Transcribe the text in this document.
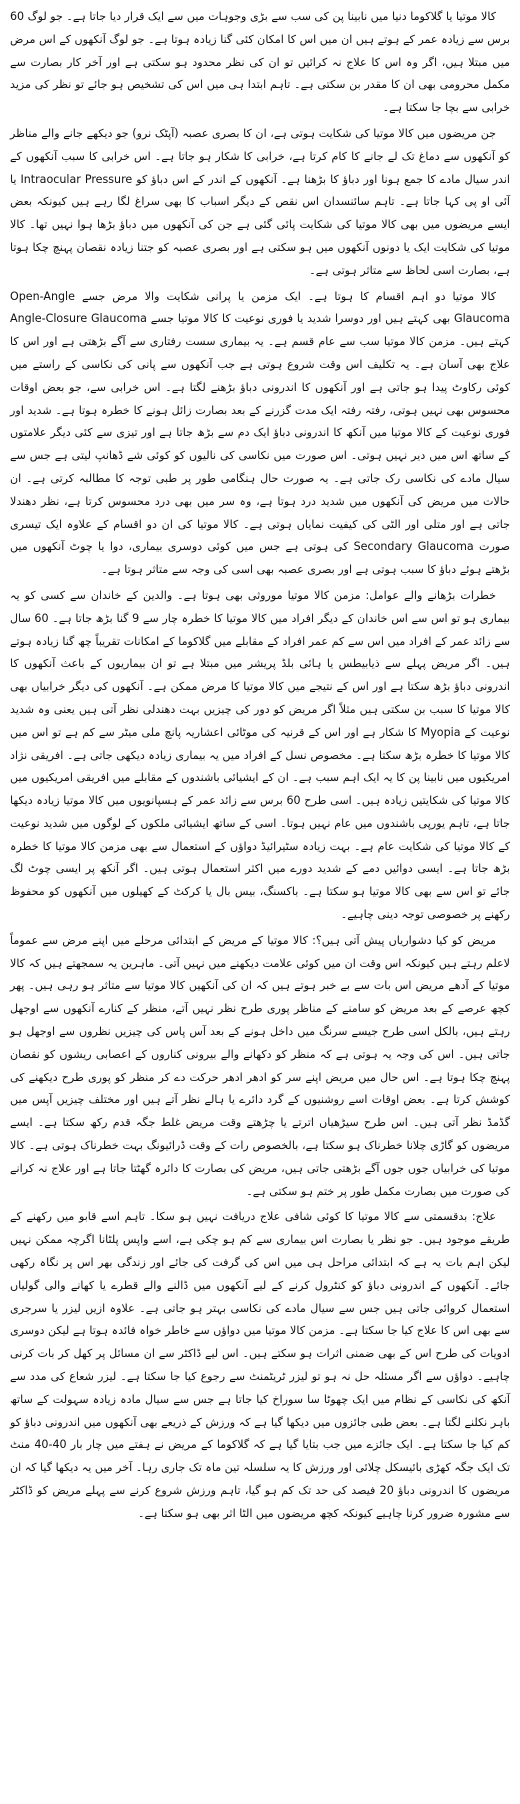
کالا موتیا یا گلاکوما دنیا میں نابینا پن کی سب سے بڑی وجوہات میں سے ایک قرار دیا جاتا ہے۔ جو لوگ 60 برس سے زیادہ عمر کے ہوتے ہیں ان میں اس کا امکان کئی گنا زیادہ ہوتا ہے۔ جو لوگ آنکھوں کے اس مرض میں مبتلا ہیں، اگر وہ اس کا علاج نہ کرائیں تو ان کی نظر محدود ہو سکتی ہے اور آخر کار بصارت سے مکمل محرومی بھی ان کا مقدر بن سکتی ہے۔ تاہم ابتدا ہی میں اس کی تشخیص ہو جائے تو نظر کی مزید خرابی سے بچا جا سکتا ہے۔

جن مریضوں میں کالا موتیا کی شکایت ہوتی ہے، ان کا بصری عصبہ (آپٹک نرو) جو دیکھے جانے والے مناظر کو آنکھوں سے دماغ تک لے جانے کا کام کرتا ہے، خرابی کا شکار ہو جاتا ہے۔ اس خرابی کا سبب آنکھوں کے اندر سیال مادے کا جمع ہونا اور دباؤ کا بڑھنا ہے۔ آنکھوں کے اندر کے اس دباؤ کو Intraocular Pressure یا آئی او پی کہا جاتا ہے۔ تاہم سائنسدان اس نقص کے دیگر اسباب کا بھی سراغ لگا رہے ہیں کیونکہ بعض ایسے مریضوں میں بھی کالا موتیا کی شکایت پائی گئی ہے جن کی آنکھوں میں دباؤ بڑھا ہوا نہیں تھا۔ کالا موتیا کی شکایت ایک یا دونوں آنکھوں میں ہو سکتی ہے اور بصری عصبہ کو جتنا زیادہ نقصان پہنچ چکا ہوتا ہے، بصارت اسی لحاظ سے متاثر ہوتی ہے۔

کالا موتیا دو اہم اقسام کا ہوتا ہے۔ ایک مزمن یا پرانی شکایت والا مرض جسے Open-Angle Glaucoma بھی کہتے ہیں اور دوسرا شدید یا فوری نوعیت کا کالا موتیا جسے Angle-Closure Glaucoma کہتے ہیں۔ مزمن کالا موتیا سب سے عام قسم ہے۔ یہ بیماری سست رفتاری سے آگے بڑھتی ہے اور اس کا علاج بھی آسان ہے۔ یہ تکلیف اس وقت شروع ہوتی ہے جب آنکھوں سے پانی کی نکاسی کے راستے میں کوئی رکاوٹ پیدا ہو جاتی ہے اور آنکھوں کا اندرونی دباؤ بڑھنے لگتا ہے۔ اس خرابی سے، جو بعض اوقات محسوس بھی نہیں ہوتی، رفتہ رفتہ ایک مدت گزرنے کے بعد بصارت زائل ہونے کا خطرہ ہوتا ہے۔ شدید اور فوری نوعیت کے کالا موتیا میں آنکھ کا اندرونی دباؤ ایک دم سے بڑھ جاتا ہے اور تیزی سے کئی دیگر علامتوں کے ساتھ اس میں دیر نہیں ہوتی۔ اس صورت میں نکاسی کی نالیوں کو کوئی شے ڈھانپ لیتی ہے جس سے سیال مادے کی نکاسی رک جاتی ہے۔ یہ صورت حال ہنگامی طور پر طبی توجہ کا مطالبہ کرتی ہے۔ ان حالات میں مریض کی آنکھوں میں شدید درد ہوتا ہے، وہ سر میں بھی درد محسوس کرتا ہے، نظر دھندلا جاتی ہے اور متلی اور الٹی کی کیفیت نمایاں ہوتی ہے۔ کالا موتیا کی ان دو اقسام کے علاوہ ایک تیسری صورت Secondary Glaucoma کی ہوتی ہے جس میں کوئی دوسری بیماری، دوا یا چوٹ آنکھوں میں بڑھتے ہوئے دباؤ کا سبب ہوتی ہے اور بصری عصبہ بھی اسی کی وجہ سے متاثر ہوتا ہے۔

خطرات بڑھانے والے عوامل: مزمن کالا موتیا موروثی بھی ہوتا ہے۔ والدین کے خاندان سے کسی کو یہ بیماری ہو تو اس سے اس خاندان کے دیگر افراد میں کالا موتیا کا خطرہ چار سے 9 گنا بڑھ جاتا ہے۔ 60 سال سے زائد عمر کے افراد میں اس سے کم عمر افراد کے مقابلے میں گلاکوما کے امکانات تقریباً چھ گنا زیادہ ہوتے ہیں۔ اگر مریض پہلے سے ذیابیطس یا ہائی بلڈ پریشر میں مبتلا ہے تو ان بیماریوں کے باعث آنکھوں کا اندرونی دباؤ بڑھ سکتا ہے اور اس کے نتیجے میں کالا موتیا کا مرض ممکن ہے۔ آنکھوں کی دیگر خرابیاں بھی کالا موتیا کا سبب بن سکتی ہیں مثلاً اگر مریض کو دور کی چیزیں بہت دھندلی نظر آتی ہیں یعنی وہ شدید نوعیت کے Myopia کا شکار ہے اور اس کے قرنیہ کی موٹائی اعشاریہ پانچ ملی میٹر سے کم ہے تو اس میں کالا موتیا کا خطرہ بڑھ سکتا ہے۔ مخصوص نسل کے افراد میں یہ بیماری زیادہ دیکھی جاتی ہے۔ افریقی نژاد امریکیوں میں نابینا پن کا یہ ایک اہم سبب ہے۔ ان کے ایشیائی باشندوں کے مقابلے میں افریقی امریکیوں میں کالا موتیا کی شکایتیں زیادہ ہیں۔ اسی طرح 60 برس سے زائد عمر کے ہسپانویوں میں کالا موتیا زیادہ دیکھا جاتا ہے، تاہم یورپی باشندوں میں عام نہیں ہوتا۔ اسی کے ساتھ ایشیائی ملکوں کے لوگوں میں شدید نوعیت کے کالا موتیا کی شکایت عام ہے۔ بہت زیادہ سٹیرائیڈ دواؤں کے استعمال سے بھی مزمن کالا موتیا کا خطرہ بڑھ جاتا ہے۔ ایسی دوائیں دمے کے شدید دورے میں اکثر استعمال ہوتی ہیں۔ اگر آنکھ پر ایسی چوٹ لگ جائے تو اس سے بھی کالا موتیا ہو سکتا ہے۔ باکسنگ، بیس بال یا کرکٹ کے کھیلوں میں آنکھوں کو محفوظ رکھنے پر خصوصی توجہ دینی چاہیے۔

مریض کو کیا دشواریاں پیش آتی ہیں؟: کالا موتیا کے مریض کے ابتدائی مرحلے میں اپنے مرض سے عموماً لاعلم رہتے ہیں کیونکہ اس وقت ان میں کوئی علامت دیکھنے میں نہیں آتی۔ ماہرین یہ سمجھتے ہیں کہ کالا موتیا کے آدھے مریض اس بات سے بے خبر ہوتے ہیں کہ ان کی آنکھیں کالا موتیا سے متاثر ہو رہی ہیں۔ پھر کچھ عرصے کے بعد مریض کو سامنے کے مناظر پوری طرح نظر نہیں آتے، منظر کے کنارے آنکھوں سے اوجھل رہتے ہیں، بالکل اسی طرح جیسے سرنگ میں داخل ہونے کے بعد آس پاس کی چیزیں نظروں سے اوجھل ہو جاتی ہیں۔ اس کی وجہ یہ ہوتی ہے کہ منظر کو دکھانے والے بیرونی کناروں کے اعصابی ریشوں کو نقصان پہنچ چکا ہوتا ہے۔ اس حال میں مریض اپنے سر کو ادھر ادھر حرکت دے کر منظر کو پوری طرح دیکھنے کی کوشش کرتا ہے۔ بعض اوقات اسے روشنیوں کے گرد دائرے یا ہالے نظر آتے ہیں اور مختلف چیزیں آپس میں گڈمڈ نظر آتی ہیں۔ اس طرح سیڑھیاں اترتے یا چڑھتے وقت مریض غلط جگہ قدم رکھ سکتا ہے۔ ایسے مریضوں کو گاڑی چلانا خطرناک ہو سکتا ہے، بالخصوص رات کے وقت ڈرائیونگ بہت خطرناک ہوتی ہے۔ کالا موتیا کی خرابیاں جوں جوں آگے بڑھتی جاتی ہیں، مریض کی بصارت کا دائرہ گھٹتا جاتا ہے اور علاج نہ کرانے کی صورت میں بصارت مکمل طور پر ختم ہو سکتی ہے۔

علاج: بدقسمتی سے کالا موتیا کا کوئی شافی علاج دریافت نہیں ہو سکا۔ تاہم اسے قابو میں رکھنے کے طریقے موجود ہیں۔ جو نظر یا بصارت اس بیماری سے کم ہو چکی ہے، اسے واپس پلٹانا اگرچہ ممکن نہیں لیکن اہم بات یہ ہے کہ ابتدائی مراحل ہی میں اس کی گرفت کی جائے اور زندگی بھر اس پر نگاہ رکھی جائے۔ آنکھوں کے اندرونی دباؤ کو کنٹرول کرنے کے لیے آنکھوں میں ڈالنے والے قطرے یا کھانے والی گولیاں استعمال کروائی جاتی ہیں جس سے سیال مادے کی نکاسی بہتر ہو جاتی ہے۔ علاوہ ازیں لیزر یا سرجری سے بھی اس کا علاج کیا جا سکتا ہے۔ مزمن کالا موتیا میں دواؤں سے خاطر خواہ فائدہ ہوتا ہے لیکن دوسری ادویات کی طرح اس کے بھی ضمنی اثرات ہو سکتے ہیں۔ اس لیے ڈاکٹر سے ان مسائل پر کھل کر بات کرنی چاہیے۔ دواؤں سے اگر مسئلہ حل نہ ہو تو لیزر ٹریٹمنٹ سے رجوع کیا جا سکتا ہے۔ لیزر شعاع کی مدد سے آنکھ کی نکاسی کے نظام میں ایک چھوٹا سا سوراخ کیا جاتا ہے جس سے سیال مادہ زیادہ سہولت کے ساتھ باہر نکلنے لگتا ہے۔ بعض طبی جائزوں میں دیکھا گیا ہے کہ ورزش کے ذریعے بھی آنکھوں میں اندرونی دباؤ کو کم کیا جا سکتا ہے۔ ایک جائزے میں جب بتایا گیا ہے کہ گلاکوما کے مریض نے ہفتے میں چار بار 40-40 منٹ تک ایک جگہ کھڑی بائیسکل چلائی اور ورزش کا یہ سلسلہ تین ماہ تک جاری رہا۔ آخر میں یہ دیکھا گیا کہ ان مریضوں کا اندرونی دباؤ 20 فیصد کی حد تک کم ہو گیا، تاہم ورزش شروع کرنے سے پہلے مریض کو ڈاکٹر سے مشورہ ضرور کرنا چاہیے کیونکہ کچھ مریضوں میں الٹا اثر بھی ہو سکتا ہے۔
